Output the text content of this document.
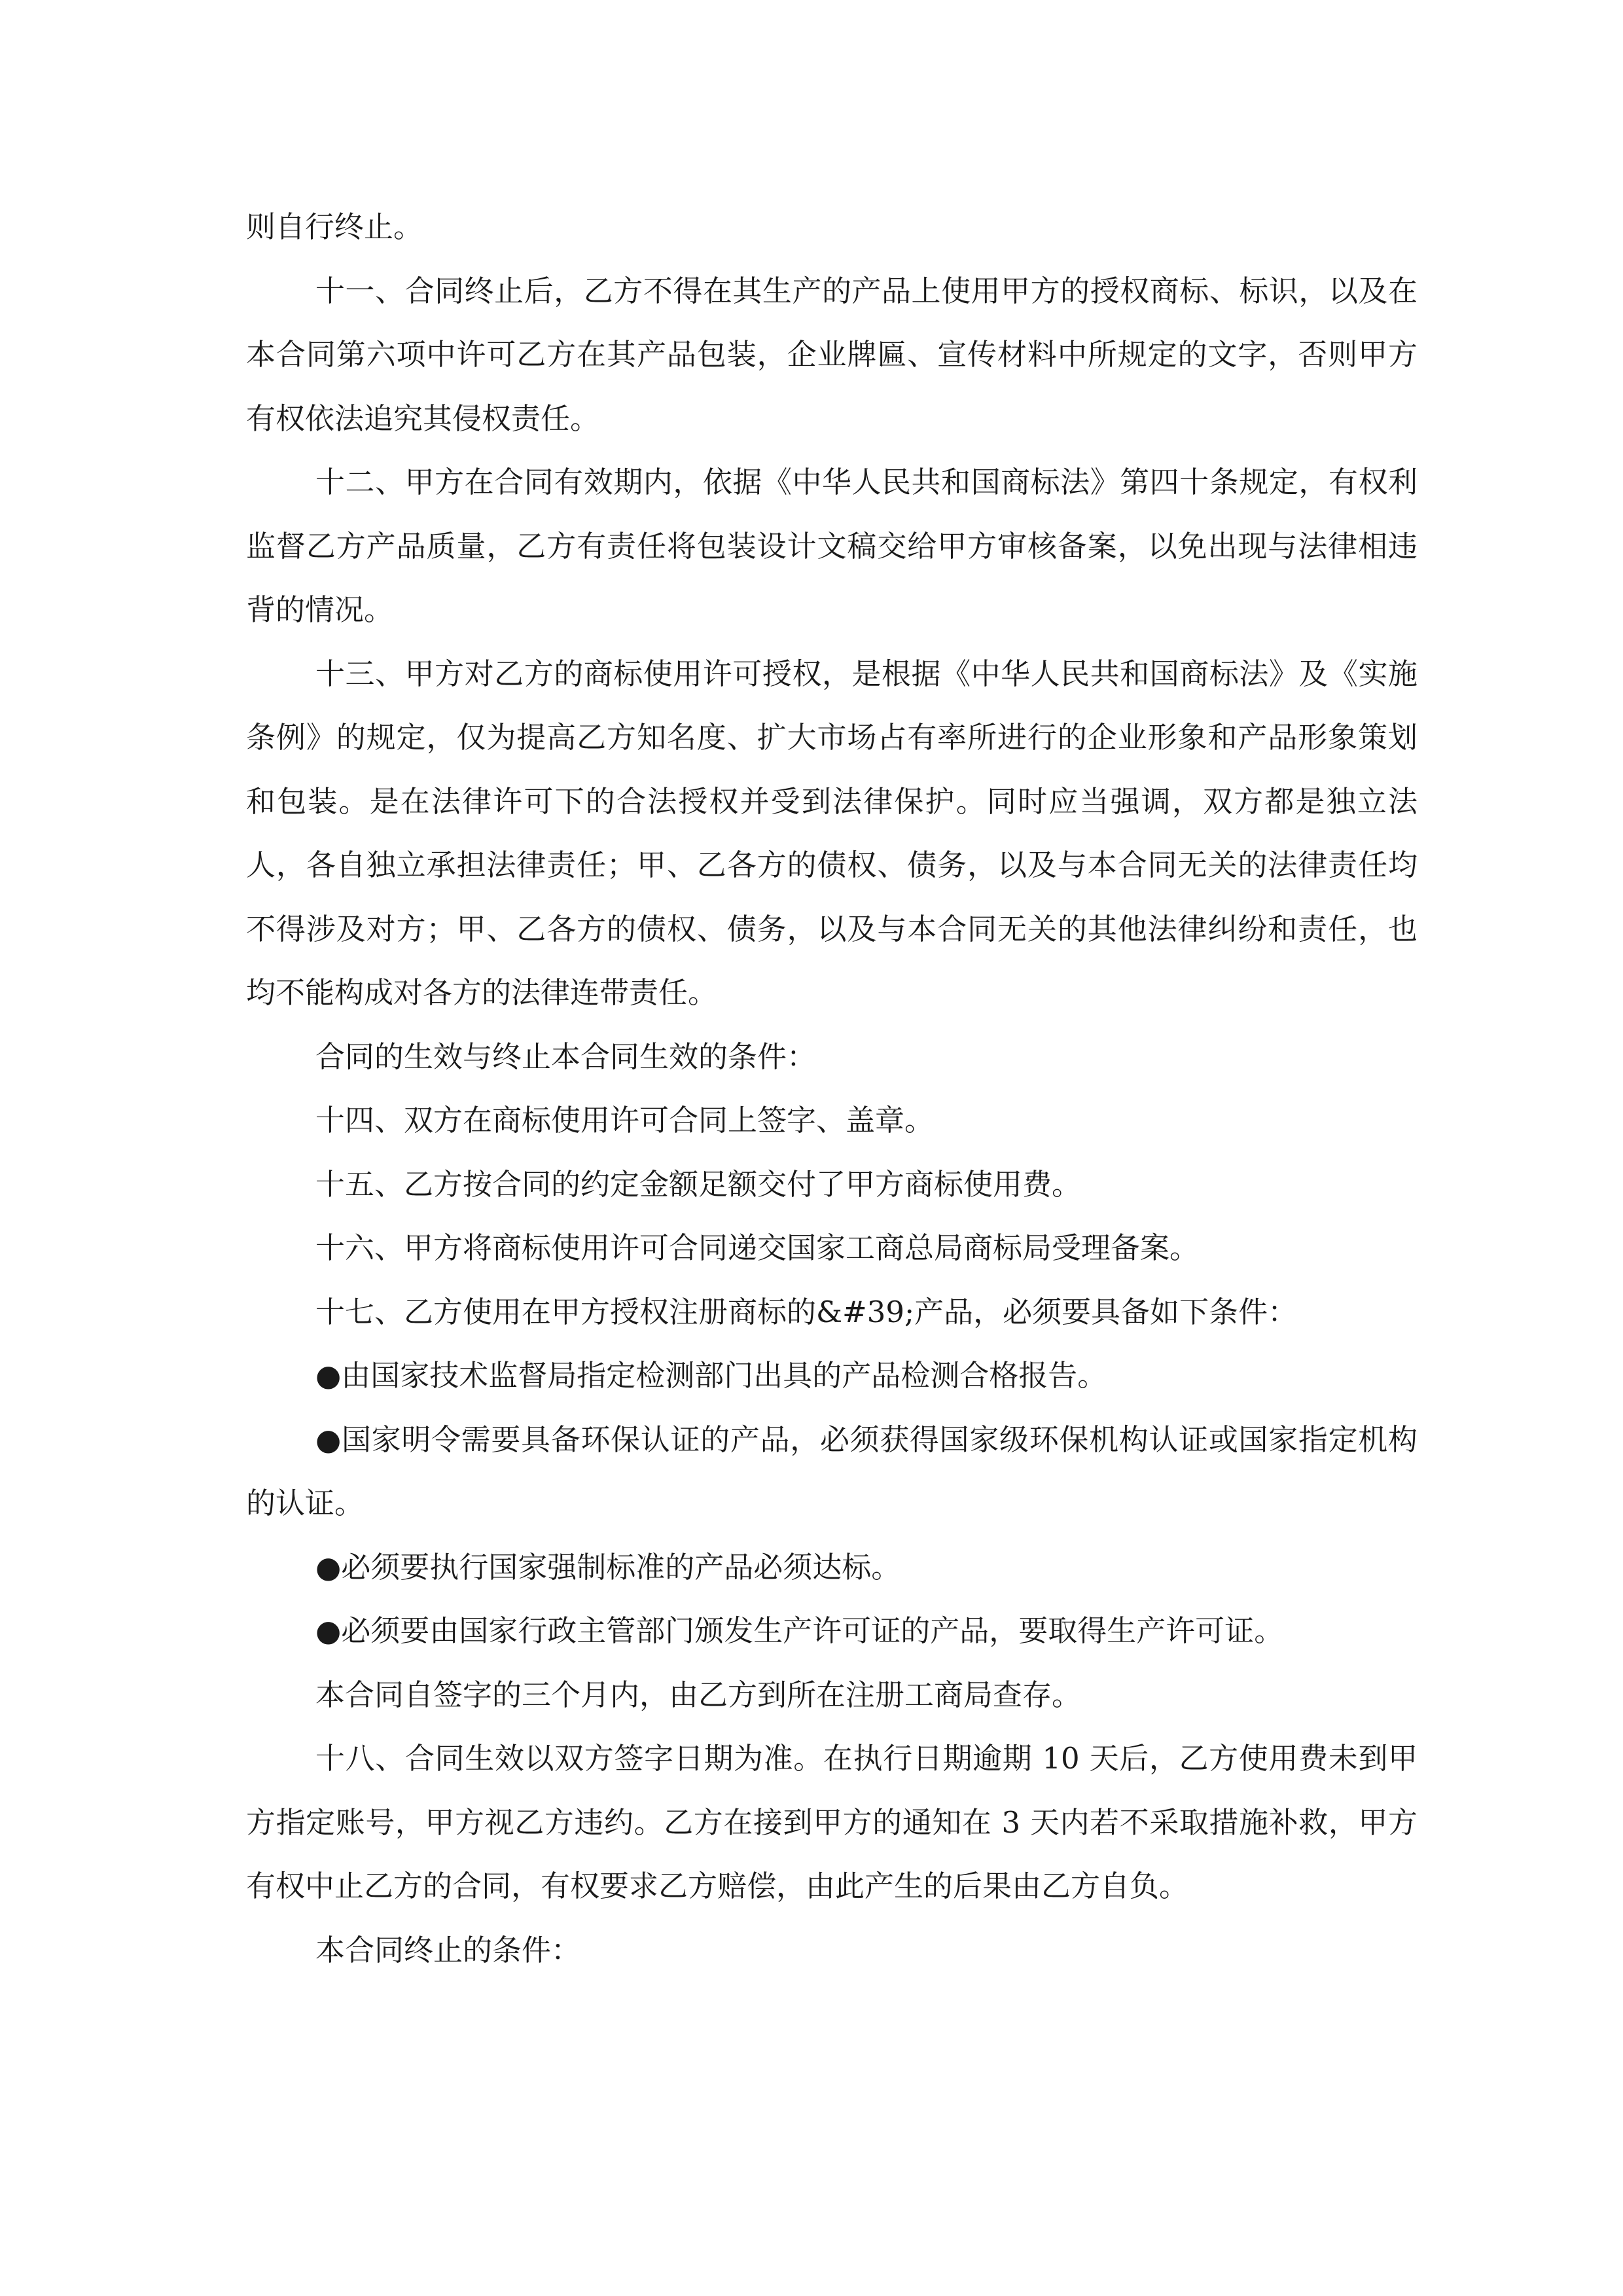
则自行终止。

十一、合同终止后，乙方不得在其生产的产品上使用甲方的授权商标、标识，以及在本合同第六项中许可乙方在其产品包装，企业牌匾、宣传材料中所规定的文字，否则甲方有权依法追究其侵权责任。

十二、甲方在合同有效期内，依据《中华人民共和国商标法》第四十条规定，有权利监督乙方产品质量，乙方有责任将包装设计文稿交给甲方审核备案，以免出现与法律相违背的情况。

十三、甲方对乙方的商标使用许可授权，是根据《中华人民共和国商标法》及《实施条例》的规定，仅为提高乙方知名度、扩大市场占有率所进行的企业形象和产品形象策划和包装。是在法律许可下的合法授权并受到法律保护。同时应当强调，双方都是独立法人，各自独立承担法律责任；甲、乙各方的债权、债务，以及与本合同无关的法律责任均不得涉及对方；甲、乙各方的债权、债务，以及与本合同无关的其他法律纠纷和责任，也均不能构成对各方的法律连带责任。

合同的生效与终止本合同生效的条件：

十四、双方在商标使用许可合同上签字、盖章。

十五、乙方按合同的约定金额足额交付了甲方商标使用费。

十六、甲方将商标使用许可合同递交国家工商总局商标局受理备案。

十七、乙方使用在甲方授权注册商标的&#39;产品，必须要具备如下条件：

●由国家技术监督局指定检测部门出具的产品检测合格报告。

●国家明令需要具备环保认证的产品，必须获得国家级环保机构认证或国家指定机构的认证。

●必须要执行国家强制标准的产品必须达标。

●必须要由国家行政主管部门颁发生产许可证的产品，要取得生产许可证。

本合同自签字的三个月内，由乙方到所在注册工商局查存。

十八、合同生效以双方签字日期为准。在执行日期逾期 10 天后，乙方使用费未到甲方指定账号，甲方视乙方违约。乙方在接到甲方的通知在 3 天内若不采取措施补救，甲方有权中止乙方的合同，有权要求乙方赔偿，由此产生的后果由乙方自负。

本合同终止的条件：
